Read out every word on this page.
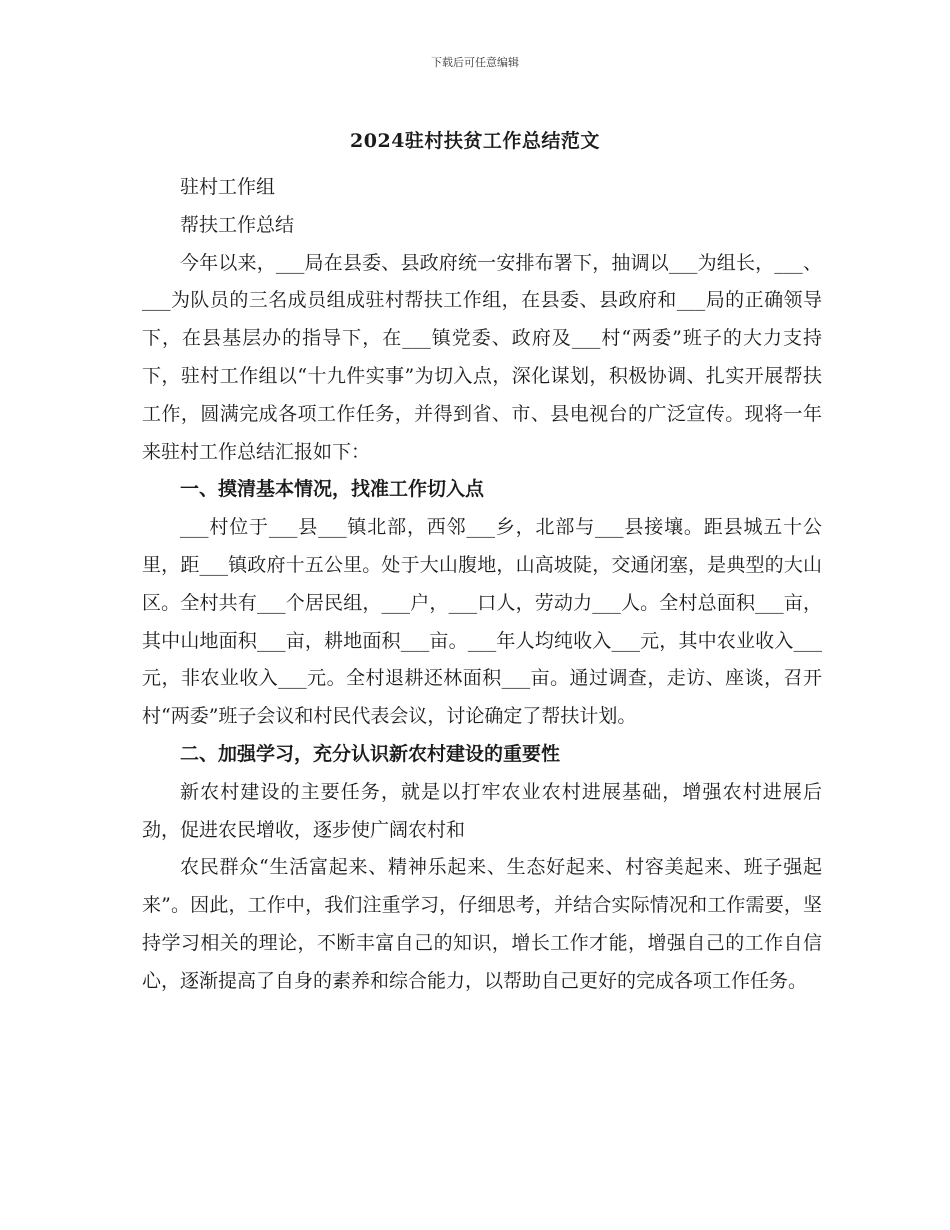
下载后可任意编辑
2024驻村扶贫工作总结范文

驻村工作组

帮扶工作总结

今年以来，___局在县委、县政府统一安排布署下，抽调以___为组长，___、___为队员的三名成员组成驻村帮扶工作组，在县委、县政府和___局的正确领导下，在县基层办的指导下，在___镇党委、政府及___村“两委”班子的大力支持下，驻村工作组以“十九件实事”为切入点，深化谋划，积极协调、扎实开展帮扶工作，圆满完成各项工作任务，并得到省、市、县电视台的广泛宣传。现将一年来驻村工作总结汇报如下：

一、摸清基本情况，找准工作切入点

___村位于___县___镇北部，西邻___乡，北部与___县接壤。距县城五十公里，距___镇政府十五公里。处于大山腹地，山高坡陡，交通闭塞，是典型的大山区。全村共有___个居民组，___户，___口人，劳动力___人。全村总面积___亩，其中山地面积___亩，耕地面积___亩。___年人均纯收入___元，其中农业收入___元，非农业收入___元。全村退耕还林面积___亩。通过调查，走访、座谈，召开村“两委”班子会议和村民代表会议，讨论确定了帮扶计划。

二、加强学习，充分认识新农村建设的重要性

新农村建设的主要任务，就是以打牢农业农村进展基础，增强农村进展后劲，促进农民增收，逐步使广阔农村和

农民群众“生活富起来、精神乐起来、生态好起来、村容美起来、班子强起来”。因此，工作中，我们注重学习，仔细思考，并结合实际情况和工作需要，坚持学习相关的理论，不断丰富自己的知识，增长工作才能，增强自己的工作自信心，逐渐提高了自身的素养和综合能力，以帮助自己更好的完成各项工作任务。
